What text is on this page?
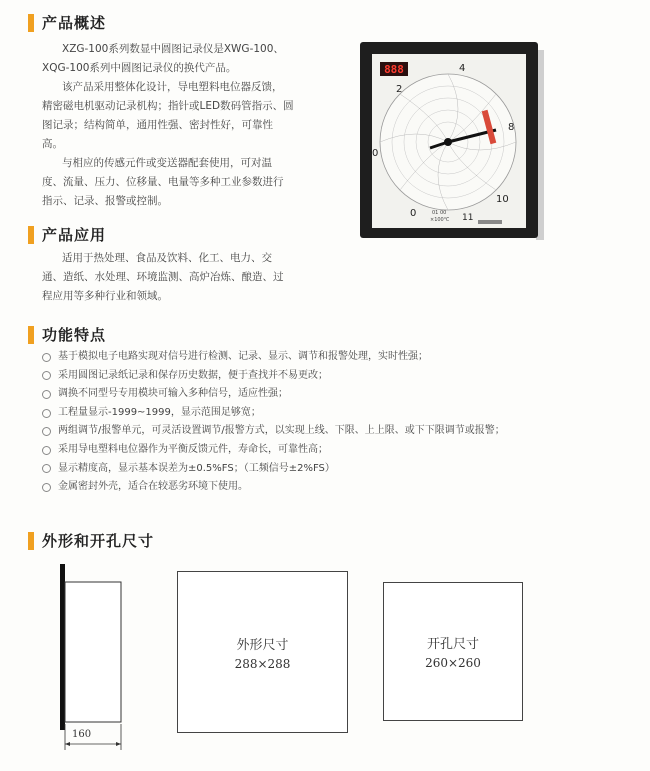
产品概述
XZG-100系列数显中圆图记录仪是XWG-100、
XQG-100系列中圆图记录仪的换代产品。
该产品采用整体化设计，导电塑料电位器反馈，
精密磁电机驱动记录机构；指针或LED数码管指示、圆
图记录；结构简单，通用性强、密封性好，可靠性
高。
与相应的传感元件或变送器配套使用，可对温
度、流量、压力、位移量、电量等多种工业参数进行
指示、记录、报警或控制。
888	4
2
0
8
10
0	11
01 00
×100℃
产品应用
适用于热处理、食品及饮料、化工、电力、交
通、造纸、水处理、环境监测、高炉冶炼、酿造、过
程应用等多种行业和领域。
功能特点
基于模拟电子电路实现对信号进行检测、记录、显示、调节和报警处理，实时性强；
采用圆图记录纸记录和保存历史数据，便于查找并不易更改；
调换不同型号专用模块可输入多种信号，适应性强；
工程量显示-1999~1999，显示范围足够宽；
两组调节/报警单元，可灵活设置调节/报警方式，以实现上线、下限、上上限、或下下限调节或报警；
采用导电塑料电位器作为平衡反馈元件，寿命长，可靠性高；
显示精度高，显示基本误差为±0.5%FS；（工频信号±2%FS）
金属密封外壳，适合在较恶劣环境下使用。
外形和开孔尺寸
160
外形尺寸
288×288
开孔尺寸
260×260
